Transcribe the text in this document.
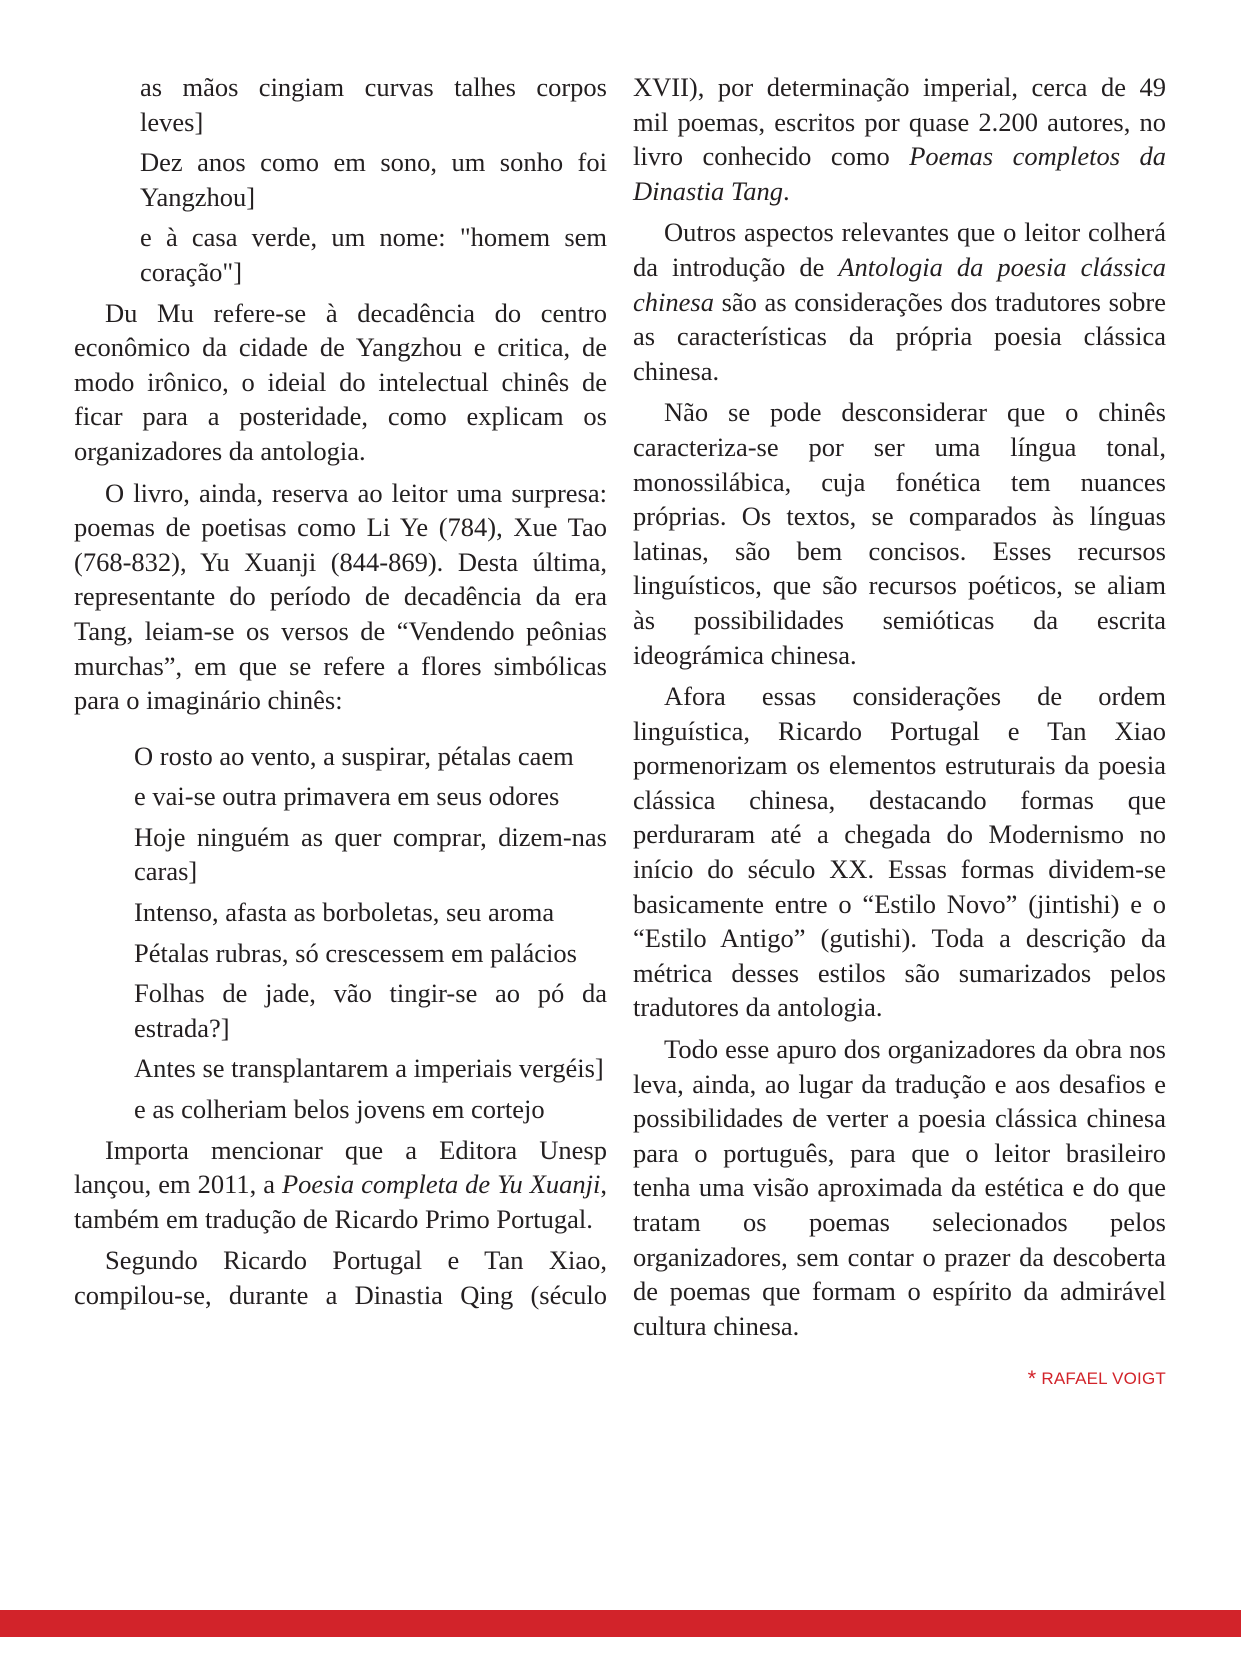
as mãos cingiam curvas talhes corpos leves]

Dez anos como em sono, um sonho foi Yangzhou]

e à casa verde, um nome: "homem sem coração"]

Du Mu refere-se à decadência do centro econômico da cidade de Yangzhou e critica, de modo irônico, o ideial do intelectual chinês de ficar para a posteridade, como explicam os organizadores da antologia.

O livro, ainda, reserva ao leitor uma surpresa: poemas de poetisas como Li Ye (784), Xue Tao (768-832), Yu Xuanji (844-869). Desta última, representante do período de decadência da era Tang, leiam-se os versos de “Vendendo peônias murchas”, em que se refere a flores simbólicas para o imaginário chinês:

O rosto ao vento, a suspirar, pétalas caem

e vai-se outra primavera em seus odores

Hoje ninguém as quer comprar, dizem-nas caras]

Intenso, afasta as borboletas, seu aroma

Pétalas rubras, só crescessem em palácios

Folhas de jade, vão tingir-se ao pó da estrada?]

Antes se transplantarem a imperiais vergéis]

e as colheriam belos jovens em cortejo

Importa mencionar que a Editora Unesp lançou, em 2011, a Poesia completa de Yu Xuanji, também em tradução de Ricardo Primo Portugal.

Segundo Ricardo Portugal e Tan Xiao, compilou-se, durante a Dinastia Qing (século

XVII), por determinação imperial, cerca de 49 mil poemas, escritos por quase 2.200 autores, no livro conhecido como Poemas completos da Dinastia Tang.

Outros aspectos relevantes que o leitor colherá da introdução de Antologia da poesia clássica chinesa são as considerações dos tradutores sobre as características da própria poesia clássica chinesa.

Não se pode desconsiderar que o chinês caracteriza-se por ser uma língua tonal, monossilábica, cuja fonética tem nuances próprias. Os textos, se comparados às línguas latinas, são bem concisos. Esses recursos linguísticos, que são recursos poéticos, se aliam às possibilidades semióticas da escrita ideográmica chinesa.

Afora essas considerações de ordem linguística, Ricardo Portugal e Tan Xiao pormenorizam os elementos estruturais da poesia clássica chinesa, destacando formas que perduraram até a chegada do Modernismo no início do século XX. Essas formas dividem-se basicamente entre o “Estilo Novo” (jintishi) e o “Estilo Antigo” (gutishi). Toda a descrição da métrica desses estilos são sumarizados pelos tradutores da antologia.

Todo esse apuro dos organizadores da obra nos leva, ainda, ao lugar da tradução e aos desafios e possibilidades de verter a poesia clássica chinesa para o português, para que o leitor brasileiro tenha uma visão aproximada da estética e do que tratam os poemas selecionados pelos organizadores, sem contar o prazer da descoberta de poemas que formam o espírito da admirável cultura chinesa.

* RAFAEL VOIGT
